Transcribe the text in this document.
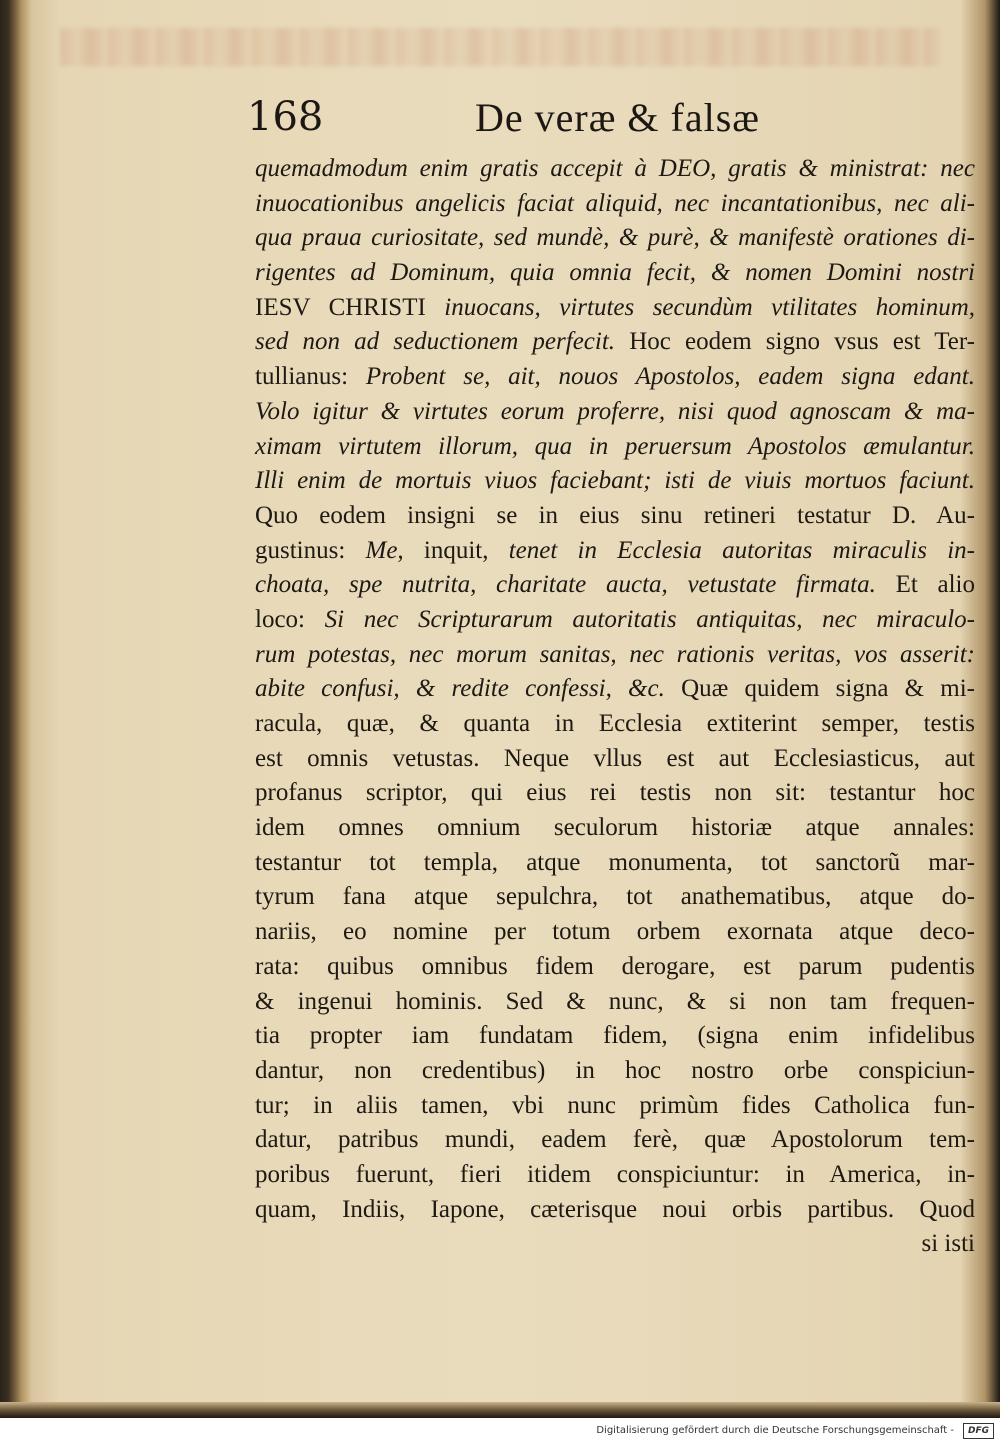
168	De veræ & falsæ
quemadmodum enim gratis accepit à DEO, gratis & ministrat: nec
inuocationibus angelicis faciat aliquid, nec incantationibus, nec ali-
qua praua curiositate, sed mundè, & purè, & manifestè orationes di-
rigentes ad Dominum, quia omnia fecit, & nomen Domini nostri
IESV CHRISTI inuocans, virtutes secundùm vtilitates hominum,
sed non ad seductionem perfecit. Hoc eodem signo vsus est Ter-
tullianus: Probent se, ait, nouos Apostolos, eadem signa edant.
Volo igitur & virtutes eorum proferre, nisi quod agnoscam & ma-
ximam virtutem illorum, qua in peruersum Apostolos æmulantur.
Illi enim de mortuis viuos faciebant; isti de viuis mortuos faciunt.
Quo eodem insigni se in eius sinu retineri testatur D. Au-
gustinus: Me, inquit, tenet in Ecclesia autoritas miraculis in-
choata, spe nutrita, charitate aucta, vetustate firmata. Et alio
loco: Si nec Scripturarum autoritatis antiquitas, nec miraculo-
rum potestas, nec morum sanitas, nec rationis veritas, vos asserit:
abite confusi, & redite confessi, &c. Quæ quidem signa & mi-
racula, quæ, & quanta in Ecclesia extiterint semper, testis
est omnis vetustas. Neque vllus est aut Ecclesiasticus, aut
profanus scriptor, qui eius rei testis non sit: testantur hoc
idem omnes omnium seculorum historiæ atque annales:
testantur tot templa, atque monumenta, tot sanctorũ mar-
tyrum fana atque sepulchra, tot anathematibus, atque do-
nariis, eo nomine per totum orbem exornata atque deco-
rata: quibus omnibus fidem derogare, est parum pudentis
& ingenui hominis. Sed & nunc, & si non tam frequen-
tia propter iam fundatam fidem, (signa enim infidelibus
dantur, non credentibus) in hoc nostro orbe conspiciun-
tur; in aliis tamen, vbi nunc primùm fides Catholica fun-
datur, patribus mundi, eadem ferè, quæ Apostolorum tem-
poribus fuerunt, fieri itidem conspiciuntur: in America, in-
quam, Indiis, Iapone, cæterisque noui orbis partibus. Quod
si isti
Digitalisierung gefördert durch die Deutsche Forschungsgemeinschaft -	DFG
